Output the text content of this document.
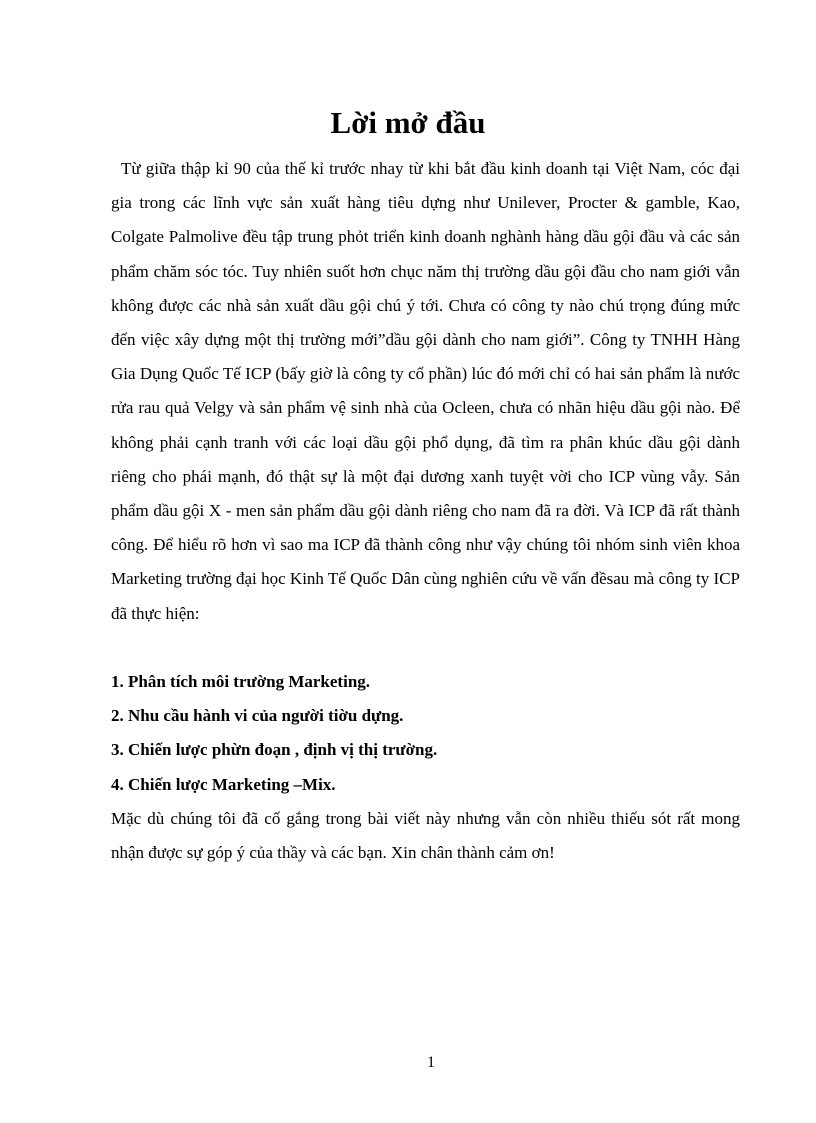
Lời mở đầu

Từ giữa thập kỉ 90 của thế kỉ trước nhay từ khi bắt đầu kinh doanh tại Việt Nam, cóc đại gia trong các lĩnh vực sản xuất hàng tiêu dựng như Unilever, Procter & gamble, Kao, Colgate Palmolive đều tập trung phỏt triển kinh doanh nghành hàng dầu gội đầu và các sản phẩm chăm sóc tóc. Tuy nhiên suốt hơn chục năm thị trường dầu gội đầu cho nam giới vẫn không được các nhà sản xuất dầu gội chú ý tới. Chưa có công ty nào chú trọng đúng mức đến việc xây dựng một thị trường mới”dầu gội dành cho nam giới”. Công ty TNHH Hàng Gia Dụng Quốc Tế ICP (bấy giờ là công ty cổ phần) lúc đó mới chỉ có hai sản phẩm là nước rửa rau quả Velgy và sản phẩm vệ sinh nhà của Ocleen, chưa có nhãn hiệu dầu gội nào. Để không phải cạnh tranh với các loại dầu gội phổ dụng, đã tìm ra phân khúc dầu gội dành riêng cho phái mạnh, đó thật sự là một đại dương xanh tuyệt vời cho ICP vùng vẫy. Sản phẩm dầu gội X - men sản phẩm dầu gội dành riêng cho nam đã ra đời. Và ICP đã rất thành công. Để hiểu rõ hơn vì sao ma ICP đã thành công như vậy chúng tôi nhóm sinh viên khoa Marketing trường đại học Kinh Tế Quốc Dân cùng nghiên cứu về vấn đềsau mà công ty ICP đã thực hiện:

1. Phân tích môi trường Marketing.
2. Nhu cầu hành vi của người tiờu dựng.
3. Chiến lược phừn đoạn , định vị thị trường.
4. Chiến lược Marketing –Mix.

Mặc dù chúng tôi đã cố gắng trong bài viết này nhưng vẫn còn nhiều thiếu sót rất mong nhận được sự góp ý của thầy và các bạn. Xin chân thành cảm ơn!

1
